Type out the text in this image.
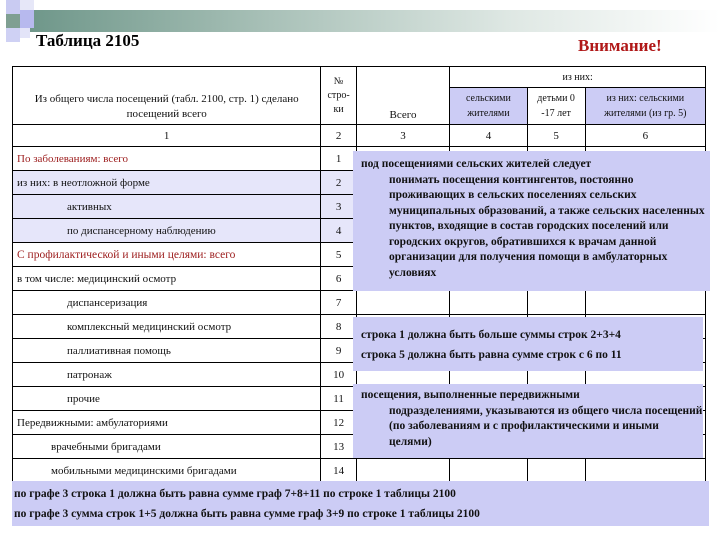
Таблица 2105	Внимание!
Из общего числа посещений (табл. 2100, стр. 1) сделано посещений всего	№ стро-ки	Всего	из них:		
			сельскими жителями	детьми 0 -17 лет	из них: сельскими жителями (из гр. 5)
1	2	3	4	5	6
По заболеваниям: всего	1				
из них: в неотложной форме	2				
активных	3				
по диспансерному наблюдению	4				
С профилактической и иными целями: всего	5				
в том числе: медицинский осмотр	6				
диспансеризация	7				
комплексный медицинский осмотр	8				
паллиативная помощь	9				
патронаж	10				
прочие	11				
Передвижными: амбулаториями	12				
врачебными бригадами	13				
мобильными медицинскими бригадами	14				

под посещениями сельских жителей следует

понимать посещения контингентов, постоянно проживающих в сельских поселениях сельских муниципальных образований, а также сельских населенных пунктов, входящие в состав городских поселений или городских округов, обратившихся к врачам данной организации для получения помощи в амбулаторных условиях

строка 1 должна быть больше суммы строк 2+3+4

строка 5 должна быть равна сумме строк с 6 по 11

посещения, выполненные передвижными

подразделениями, указываются из общего числа посещений (по заболеваниям и с профилактическими и иными целями)

по графе 3 строка 1 должна быть равна сумме граф 7+8+11 по строке 1 таблицы 2100

по графе 3 сумма строк 1+5 должна быть равна сумме граф 3+9 по строке 1 таблицы 2100
